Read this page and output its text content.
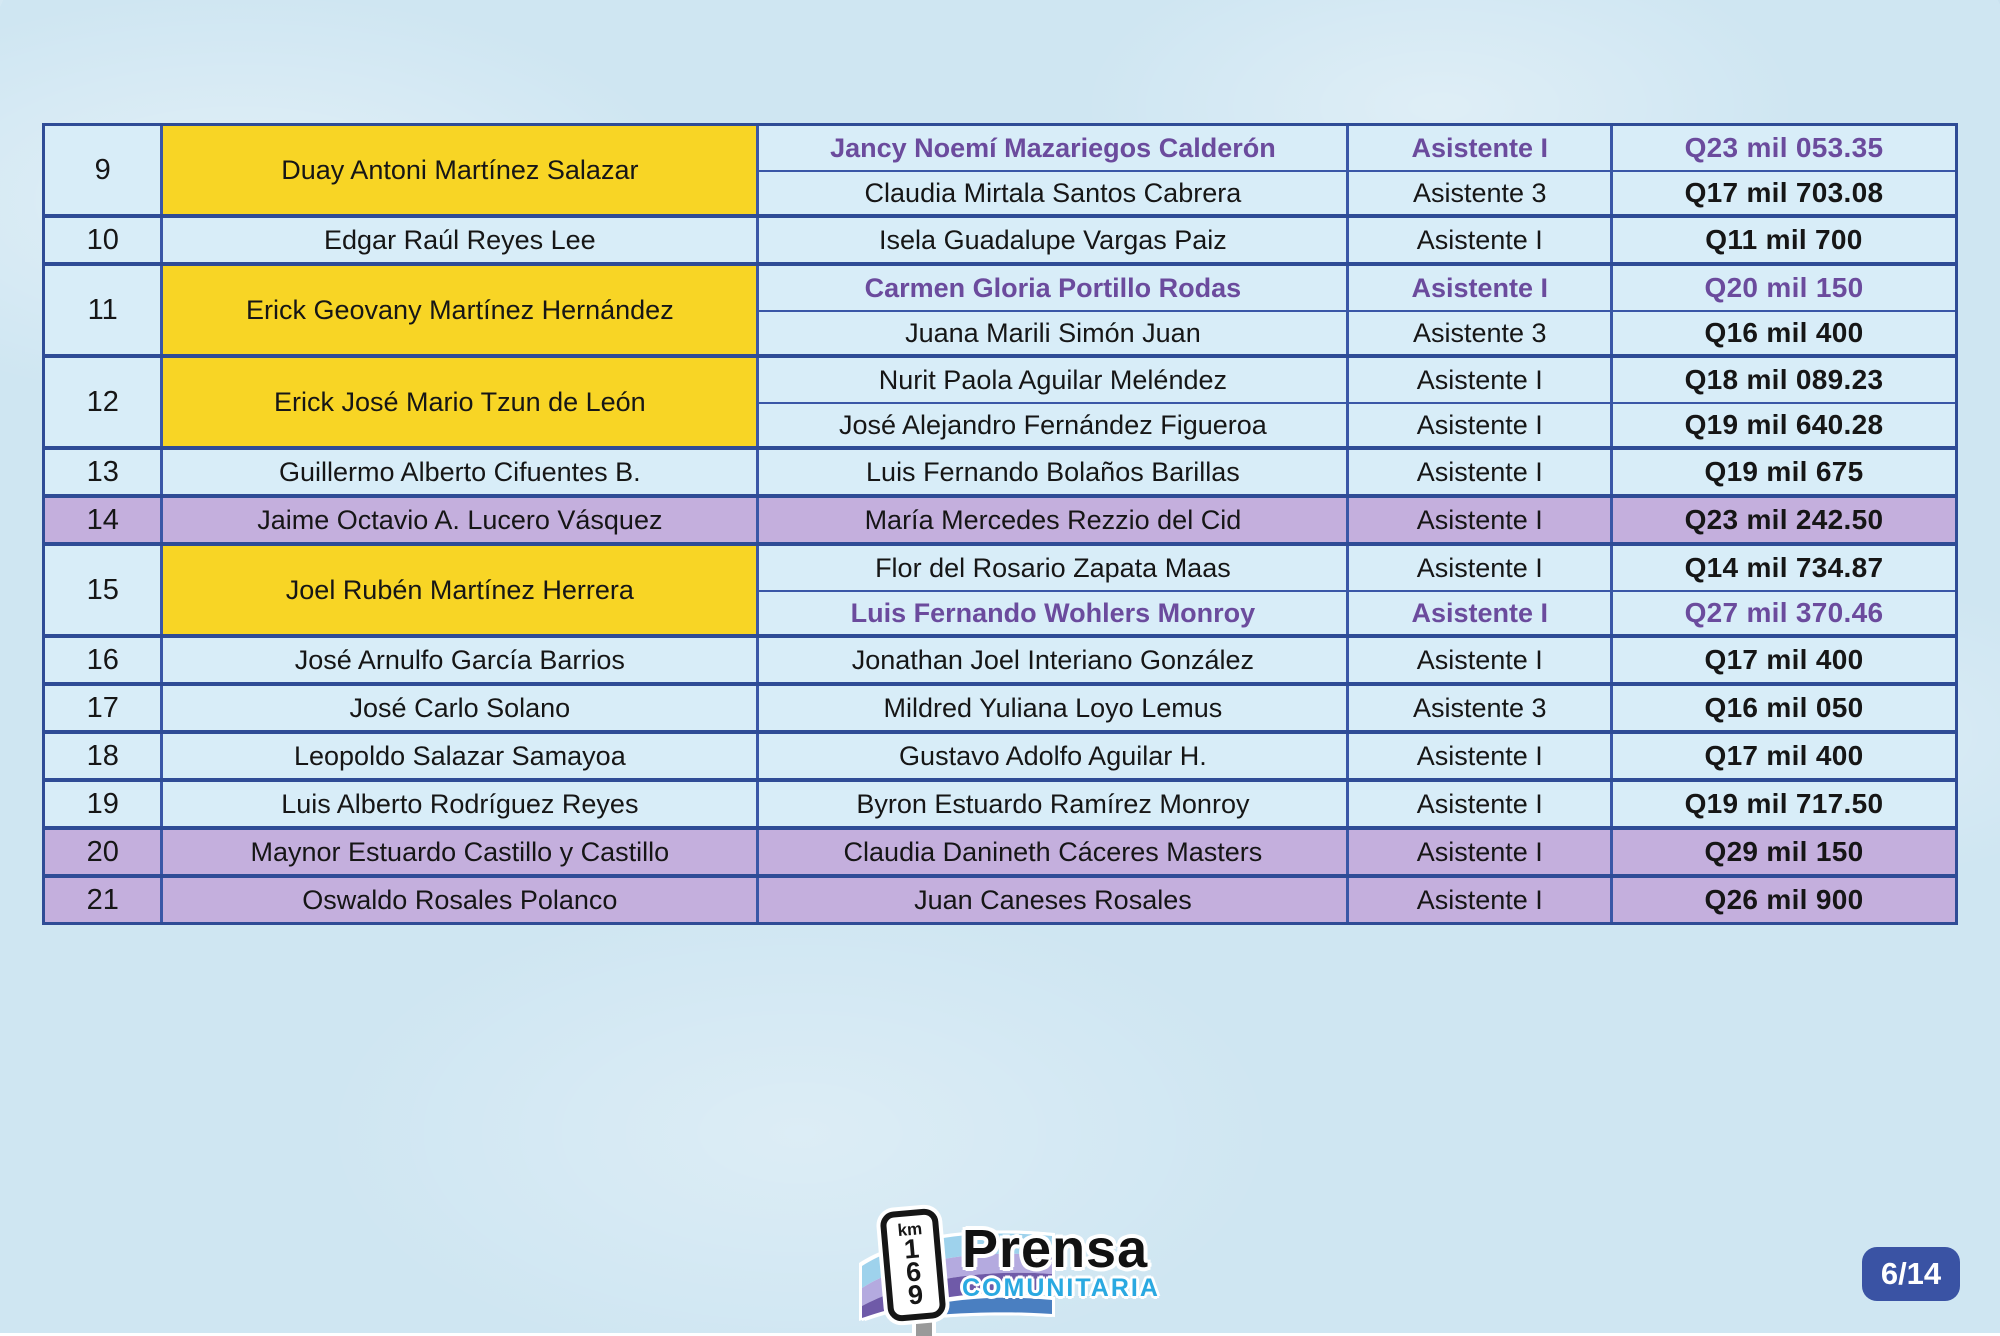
9	Duay Antoni Martínez Salazar
Jancy Noemí Mazariegos Calderón	Asistente I	Q23 mil 053.35
Claudia Mirtala Santos Cabrera	Asistente 3	Q17 mil 703.08
10	Edgar Raúl Reyes Lee	Isela Guadalupe Vargas Paiz	Asistente I	Q11 mil 700
11	Erick Geovany Martínez Hernández
Carmen Gloria Portillo Rodas	Asistente I	Q20 mil 150
Juana Marili Simón Juan	Asistente 3	Q16 mil 400
12	Erick José Mario Tzun de León
Nurit Paola Aguilar Meléndez	Asistente I	Q18 mil 089.23
José Alejandro Fernández Figueroa	Asistente I	Q19 mil 640.28
13	Guillermo Alberto Cifuentes B.	Luis Fernando Bolaños Barillas	Asistente I	Q19 mil 675
14	Jaime Octavio A. Lucero Vásquez	María Mercedes Rezzio del Cid	Asistente I	Q23 mil 242.50
15	Joel Rubén Martínez Herrera
Flor del Rosario Zapata Maas	Asistente I	Q14 mil 734.87
Luis Fernando Wohlers Monroy	Asistente I	Q27 mil 370.46
16	José Arnulfo García Barrios	Jonathan Joel Interiano González	Asistente I	Q17 mil 400
17	José Carlo Solano	Mildred Yuliana Loyo Lemus	Asistente 3	Q16 mil 050
18	Leopoldo Salazar Samayoa	Gustavo Adolfo Aguilar H.	Asistente I	Q17 mil 400
19	Luis Alberto Rodríguez Reyes	Byron Estuardo Ramírez Monroy	Asistente I	Q19 mil 717.50
20	Maynor Estuardo Castillo y Castillo	Claudia Danineth Cáceres Masters	Asistente I	Q29 mil 150
21	Oswaldo Rosales Polanco	Juan Caneses Rosales	Asistente I	Q26 mil 900
km
1
6
9
Prensa
COMUNITARIA	6/14
